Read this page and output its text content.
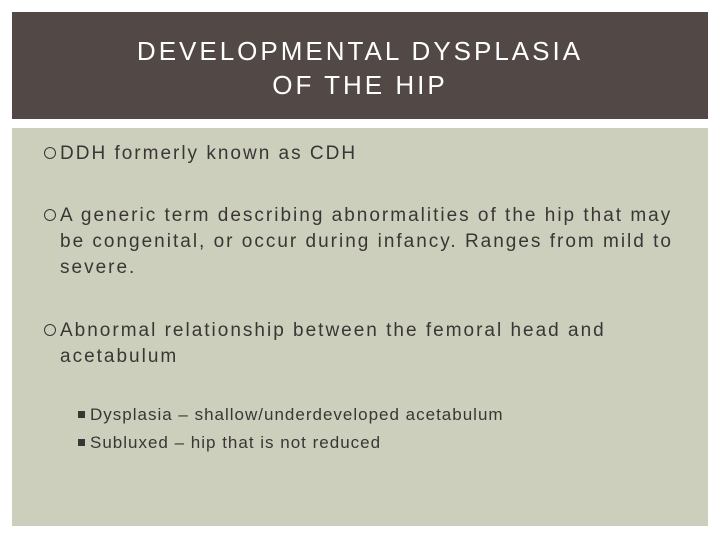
DEVELOPMENTAL DYSPLASIA
OF THE HIP
DDH formerly known as CDH
A generic term describing abnormalities of the hip that may be congenital, or occur during infancy. Ranges from mild to severe.
Abnormal relationship between the femoral head and acetabulum
Dysplasia – shallow/underdeveloped acetabulum
Subluxed – hip that is not reduced
